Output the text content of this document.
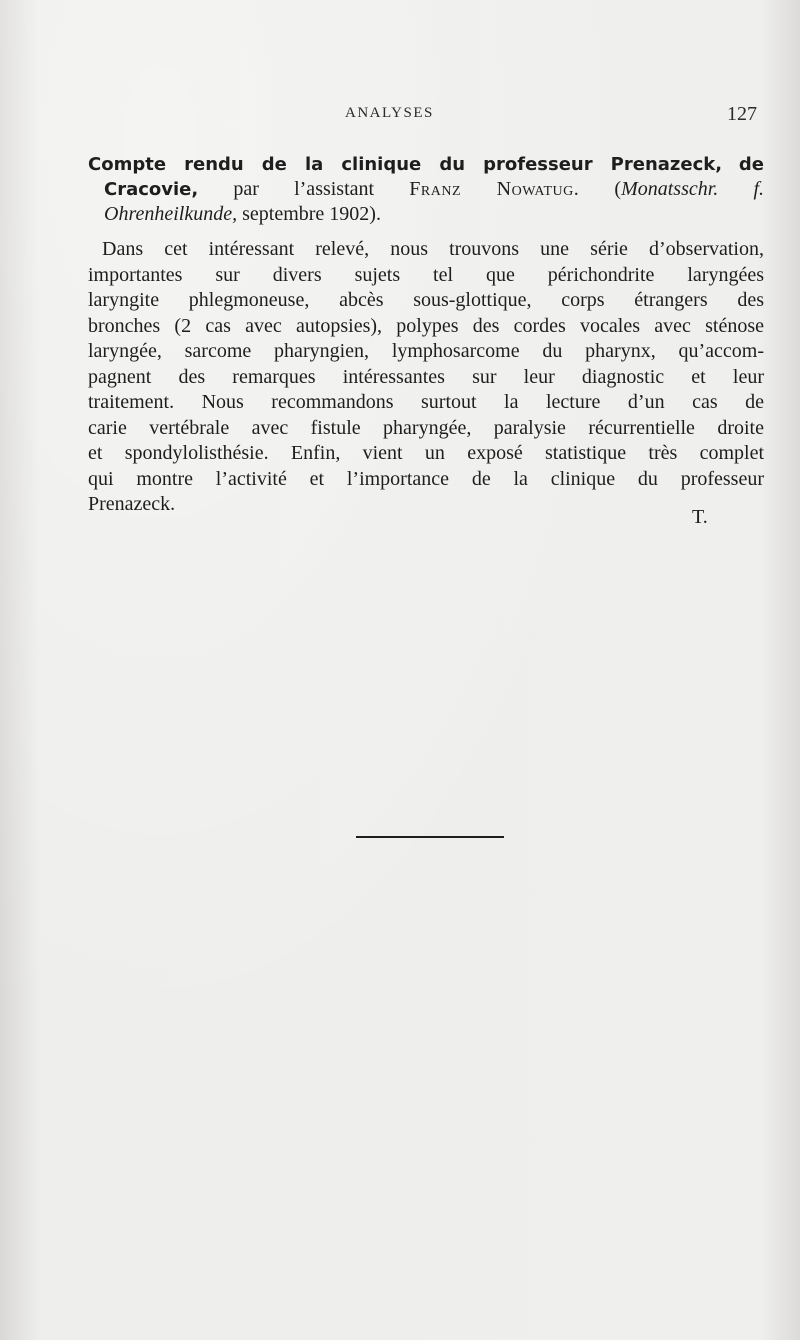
ANALYSES	127
Compte rendu de la clinique du professeur Prenazeck, de
Cracovie, par l’assistant Franz Nowatug. (Monatsschr. f.
Ohrenheilkunde, septembre 1902).
Dans cet intéressant relevé, nous trouvons une série d’observation,
importantes sur divers sujets tel que périchondrite laryngées
laryngite phlegmoneuse, abcès sous-glottique, corps étrangers des
bronches (2 cas avec autopsies), polypes des cordes vocales avec sténose
laryngée, sarcome pharyngien, lymphosarcome du pharynx, qu’accom-
pagnent des remarques intéressantes sur leur diagnostic et leur
traitement. Nous recommandons surtout la lecture d’un cas de
carie vertébrale avec fistule pharyngée, paralysie récurrentielle droite
et spondylolisthésie. Enfin, vient un exposé statistique très complet
qui montre l’activité et l’importance de la clinique du professeur
Prenazeck.
T.
